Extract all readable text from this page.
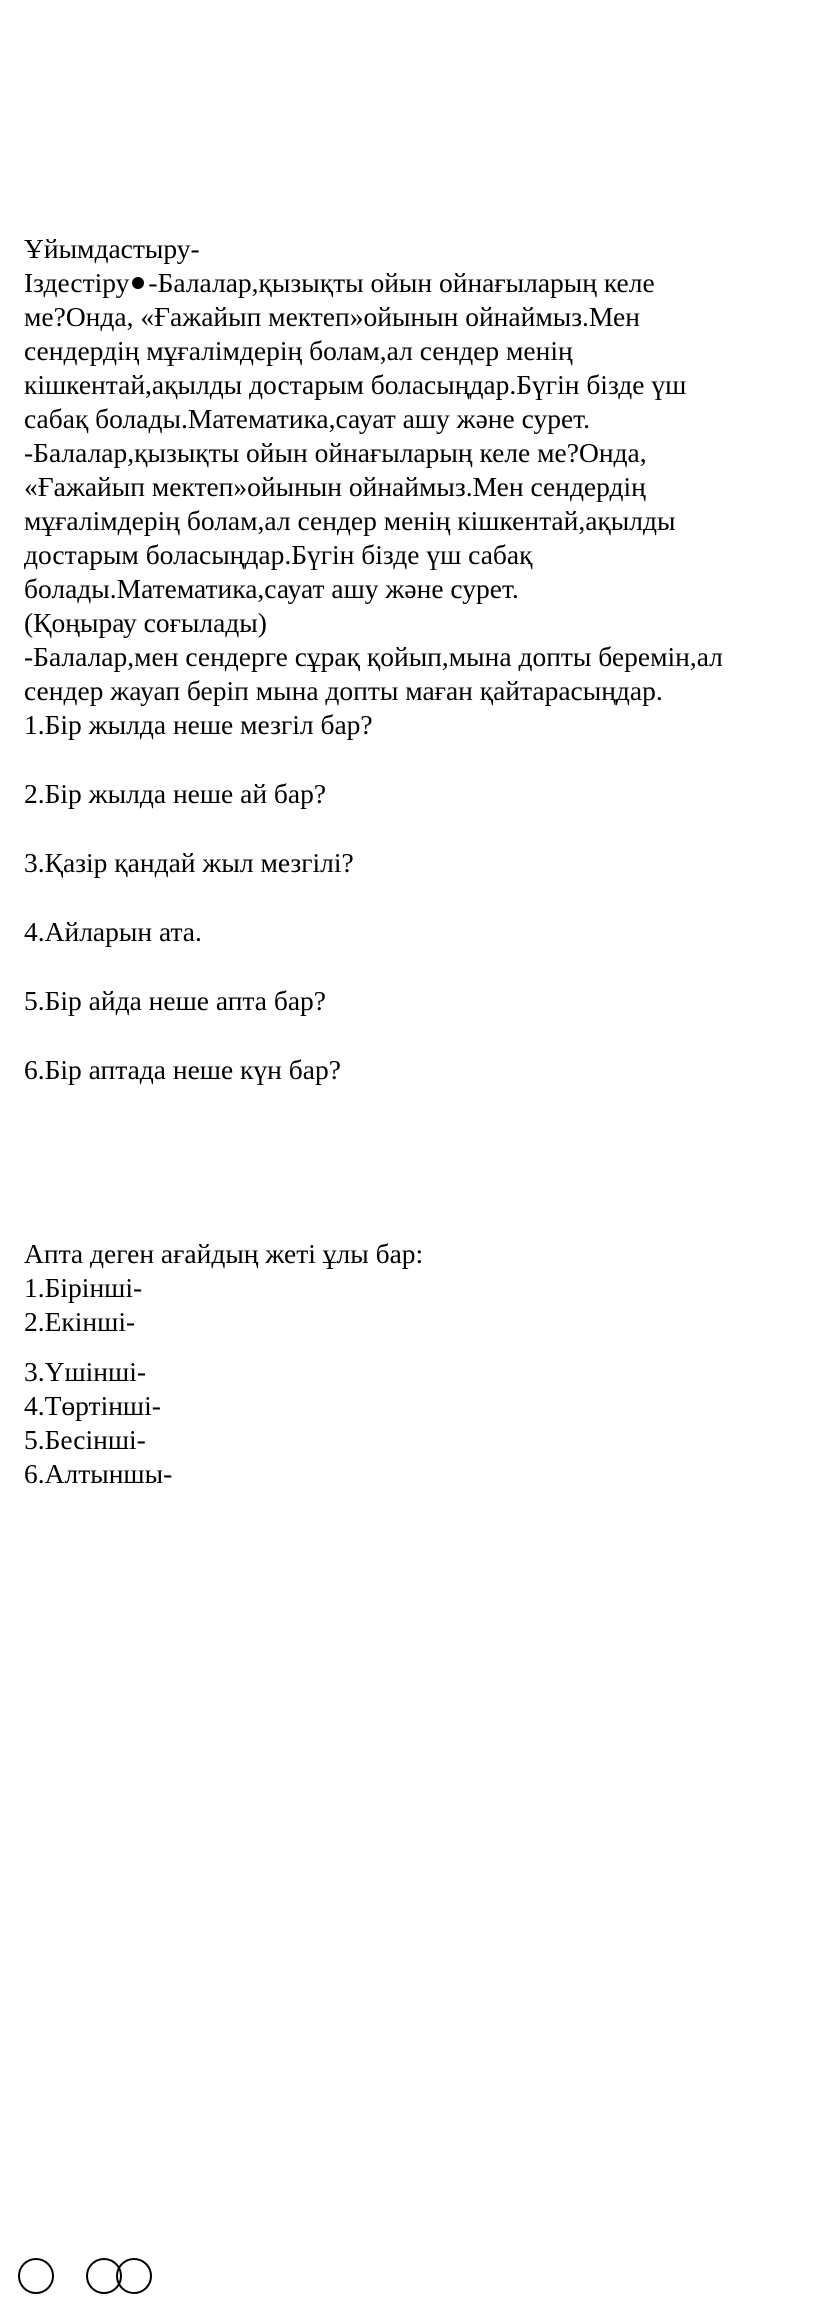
Ұйымдастыру-

Іздестіру -Балалар,қызықты ойын ойнағыларың келе

ме?Онда, «Ғажайып мектеп»ойынын ойнаймыз.Мен

сендердің мұғалімдерің болам,ал сендер менің

кішкентай,ақылды достарым боласыңдар.Бүгін бізде үш

сабақ болады.Математика,сауат ашу және сурет.

-Балалар,қызықты ойын ойнағыларың келе ме?Онда,

«Ғажайып мектеп»ойынын ойнаймыз.Мен сендердің

мұғалімдерің болам,ал сендер менің кішкентай,ақылды

достарым боласыңдар.Бүгін бізде үш сабақ

болады.Математика,сауат ашу және сурет.

(Қоңырау соғылады)

-Балалар,мен сендерге сұрақ қойып,мына допты беремін,ал

сендер жауап беріп мына допты маған қайтарасыңдар.

1.Бір жылда неше мезгіл бар?

2.Бір жылда неше ай бар?

3.Қазір қандай жыл мезгілі?

4.Айларын ата.

5.Бір айда неше апта бар?

6.Бір аптада неше күн бар?

Апта деген ағайдың жеті ұлы бар:

1.Бірінші-

2.Екінші-

3.Үшінші-

4.Төртінші-

5.Бесінші-

6.Алтыншы-
